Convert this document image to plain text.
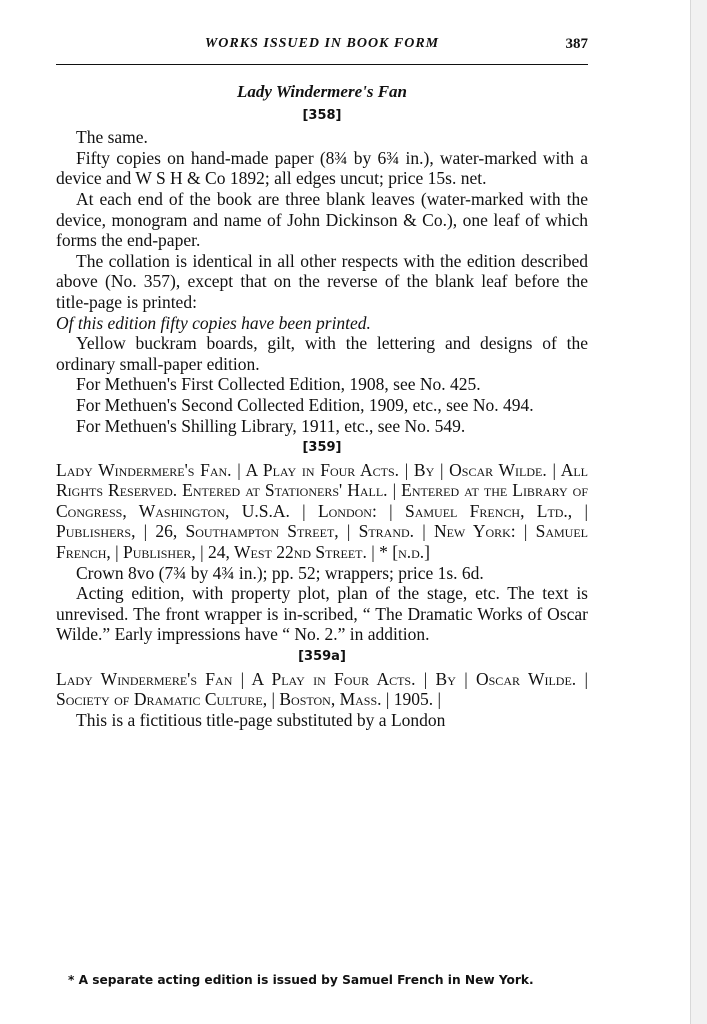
WORKS ISSUED IN BOOK FORM	387
Lady Windermere's Fan
[358]

The same.

Fifty copies on hand-made paper (8¾ by 6¾ in.), water-marked with a device and W S H & Co 1892; all edges uncut; price 15s. net.

At each end of the book are three blank leaves (water-marked with the device, monogram and name of John Dickinson & Co.), one leaf of which forms the end-paper.

The collation is identical in all other respects with the edition described above (No. 357), except that on the reverse of the blank leaf before the title-page is printed:

Of this edition fifty copies have been printed.

Yellow buckram boards, gilt, with the lettering and designs of the ordinary small-paper edition.

For Methuen's First Collected Edition, 1908, see No. 425.

For Methuen's Second Collected Edition, 1909, etc., see No. 494.

For Methuen's Shilling Library, 1911, etc., see No. 549.

[359]

Lady Windermere's Fan. | A Play in Four Acts. | By | Oscar Wilde. | All Rights Reserved. Entered at Stationers' Hall. | Entered at the Library of Congress, Washington, U.S.A. | London: | Samuel French, Ltd., | Publishers, | 26, Southampton Street, | Strand. | New York: | Samuel French, | Publisher, | 24, West 22nd Street. | * [n.d.]

Crown 8vo (7¾ by 4¾ in.); pp. 52; wrappers; price 1s. 6d.

Acting edition, with property plot, plan of the stage, etc. The text is unrevised. The front wrapper is in-scribed, “ The Dramatic Works of Oscar Wilde.” Early impressions have “ No. 2.” in addition.

[359a]

Lady Windermere's Fan | A Play in Four Acts. | By | Oscar Wilde. | Society of Dramatic Culture, | Boston, Mass. | 1905. |

This is a fictitious title-page substituted by a London

* A separate acting edition is issued by Samuel French in New York.
